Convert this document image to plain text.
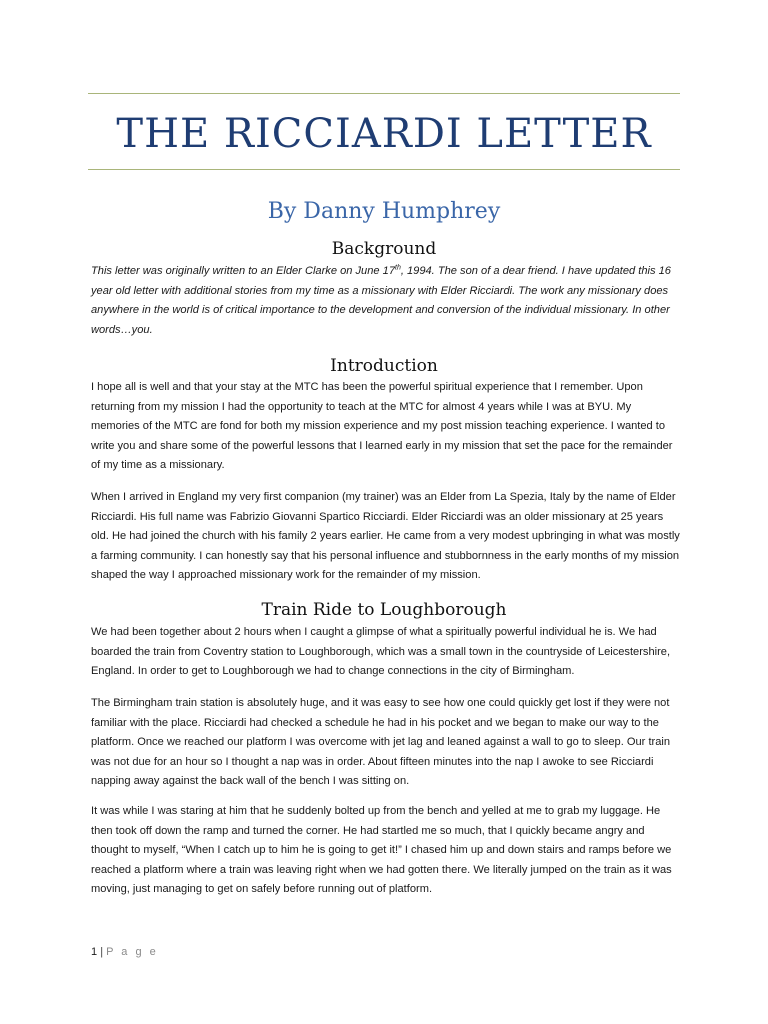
THE RICCIARDI LETTER
By Danny Humphrey
Background

This letter was originally written to an Elder Clarke on June 17th, 1994. The son of a dear friend. I have updated this 16 year old letter with additional stories from my time as a missionary with Elder Ricciardi. The work any missionary does anywhere in the world is of critical importance to the development and conversion of the individual missionary. In other words…you.

Introduction

I hope all is well and that your stay at the MTC has been the powerful spiritual experience that I remember. Upon returning from my mission I had the opportunity to teach at the MTC for almost 4 years while I was at BYU. My memories of the MTC are fond for both my mission experience and my post mission teaching experience. I wanted to write you and share some of the powerful lessons that I learned early in my mission that set the pace for the remainder of my time as a missionary.

When I arrived in England my very first companion (my trainer) was an Elder from La Spezia, Italy by the name of Elder Ricciardi. His full name was Fabrizio Giovanni Spartico Ricciardi. Elder Ricciardi was an older missionary at 25 years old. He had joined the church with his family 2 years earlier. He came from a very modest upbringing in what was mostly a farming community. I can honestly say that his personal influence and stubbornness in the early months of my mission shaped the way I approached missionary work for the remainder of my mission.

Train Ride to Loughborough

We had been together about 2 hours when I caught a glimpse of what a spiritually powerful individual he is. We had boarded the train from Coventry station to Loughborough, which was a small town in the countryside of Leicestershire, England. In order to get to Loughborough we had to change connections in the city of Birmingham.

The Birmingham train station is absolutely huge, and it was easy to see how one could quickly get lost if they were not familiar with the place. Ricciardi had checked a schedule he had in his pocket and we began to make our way to the platform. Once we reached our platform I was overcome with jet lag and leaned against a wall to go to sleep. Our train was not due for an hour so I thought a nap was in order. About fifteen minutes into the nap I awoke to see Ricciardi napping away against the back wall of the bench I was sitting on.

It was while I was staring at him that he suddenly bolted up from the bench and yelled at me to grab my luggage. He then took off down the ramp and turned the corner. He had startled me so much, that I quickly became angry and thought to myself, “When I catch up to him he is going to get it!” I chased him up and down stairs and ramps before we reached a platform where a train was leaving right when we had gotten there. We literally jumped on the train as it was moving, just managing to get on safely before running out of platform.

1 | P a g e
